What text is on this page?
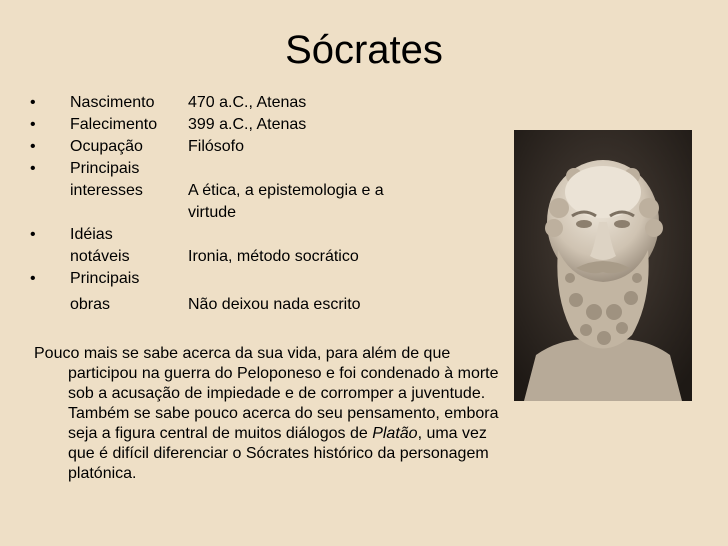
Sócrates
•	Nascimento 470 a.C., Atenas
•	Falecimento 399 a.C., Atenas
•	Ocupação	Filósofo
•	Principais
interesses	A ética, a epistemologia e a virtude
•	Idéias
notáveis	Ironia, método socrático
•	Principais
obras	Não deixou nada escrito
Pouco mais se sabe acerca da sua vida, para além de que participou na guerra do Peloponeso e foi condenado à morte sob a acusação de impiedade e de corromper a juventude. Também se sabe pouco acerca do seu pensamento, embora seja a figura central de muitos diálogos de Platão, uma vez que é difícil diferenciar o Sócrates histórico da personagem platónica.
